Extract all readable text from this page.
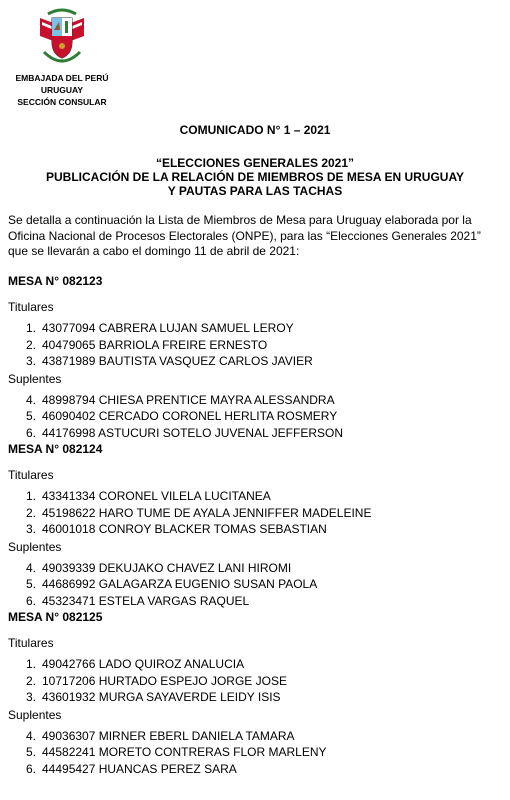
EMBAJADA DEL PERÚ
URUGUAY
SECCIÓN CONSULAR
COMUNICADO N° 1 – 2021
“ELECCIONES GENERALES 2021”
PUBLICACIÓN DE LA RELACIÓN DE MIEMBROS DE MESA EN URUGUAY
Y PAUTAS PARA LAS TACHAS
Se detalla a continuación la Lista de Miembros de Mesa para Uruguay elaborada por la Oficina Nacional de Procesos Electorales (ONPE), para las “Elecciones Generales 2021” que se llevarán a cabo el domingo 11 de abril de 2021:
MESA N° 082123
Titulares
1. 43077094 CABRERA LUJAN SAMUEL LEROY
2. 40479065 BARRIOLA FREIRE ERNESTO
3. 43871989 BAUTISTA VASQUEZ CARLOS JAVIER
Suplentes
4. 48998794 CHIESA PRENTICE MAYRA ALESSANDRA
5. 46090402 CERCADO CORONEL HERLITA ROSMERY
6. 44176998 ASTUCURI SOTELO JUVENAL JEFFERSON
MESA N° 082124
Titulares
1. 43341334 CORONEL VILELA LUCITANEA
2. 45198622 HARO TUME DE AYALA JENNIFFER MADELEINE
3. 46001018 CONROY BLACKER TOMAS SEBASTIAN
Suplentes
4. 49039339 DEKUJAKO CHAVEZ LANI HIROMI
5. 44686992 GALAGARZA EUGENIO SUSAN PAOLA
6. 45323471 ESTELA VARGAS RAQUEL
MESA N° 082125
Titulares
1. 49042766 LADO QUIROZ ANALUCIA
2. 10717206 HURTADO ESPEJO JORGE JOSE
3. 43601932 MURGA SAYAVERDE LEIDY ISIS
Suplentes
4. 49036307 MIRNER EBERL DANIELA TAMARA
5. 44582241 MORETO CONTRERAS FLOR MARLENY
6. 44495427 HUANCAS PEREZ SARA
